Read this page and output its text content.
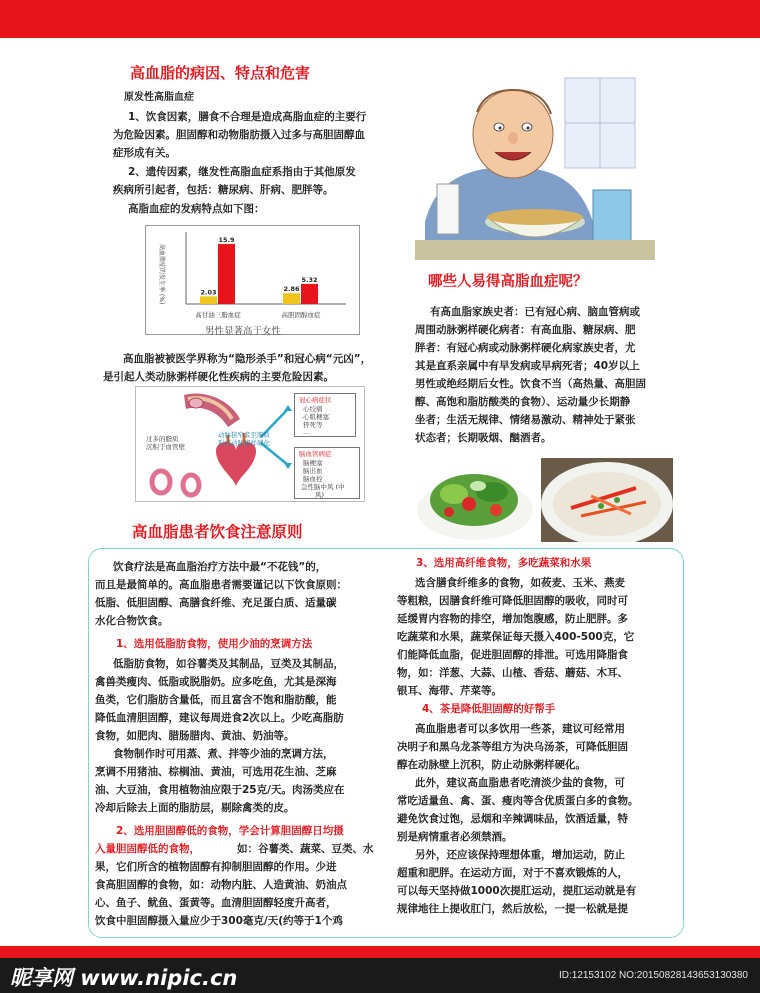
高血脂的病因、特点和危害
原发性高脂血症
1、饮食因素，膳食不合理是造成高脂血症的主要行
为危险因素。胆固醇和动物脂肪摄入过多与高胆固醇血
症形成有关。
2、遗传因素，继发性高脂血症系指由于其他原发
疾病所引起者，包括：糖尿病、肝病、肥胖等。
高脂血症的发病特点如下图：
高血脂症的发生率 (%)	2.03
15.9
2.86
5.32
高甘油三脂血症	高胆固醇血症
男性显著高于女性
高血脂被被医学界称为“隐形杀手”和冠心病“元凶”，
是引起人类动脉粥样硬化性疾病的主要危险因素。
过多的脂质
沉积于血管壁
动脉狭窄者至脂质
形成动脉粥样硬化
冠心病症状
心绞痛
心肌梗塞
猝死等
...
脑血管病症
脑梗塞
脑出血
脑血栓
急性脑中风 (中
风)
哪些人易得高脂血症呢？
有高血脂家族史者：已有冠心病、脑血管病或
周围动脉粥样硬化病者：有高血脂、糖尿病、肥
胖者：有冠心病或动脉粥样硬化病家族史者，尤
其是直系亲属中有早发病或早病死者；40岁以上
男性或绝经期后女性。饮食不当（高热量、高胆固
醇、高饱和脂肪酸类的食物）、运动量少长期静
坐者；生活无规律、情绪易激动、精神处于紧张
状态者；长期吸烟、酗酒者。
高血脂患者饮食注意原则
饮食疗法是高血脂治疗方法中最“不花钱”的，
而且是最简单的。高血脂患者需要谨记以下饮食原则：
低脂、低胆固醇、高膳食纤维、充足蛋白质、适量碳
水化合物饮食。
1、选用低脂肪食物，使用少油的烹调方法
低脂肪食物，如谷薯类及其制品，豆类及其制品，
禽兽类瘦肉、低脂或脱脂奶。应多吃鱼，尤其是深海
鱼类，它们脂肪含量低，而且富含不饱和脂肪酸，能
降低血清胆固醇，建议每周进食2次以上。少吃高脂肪
食物，如肥肉、腊肠腊肉、黄油、奶油等。
食物制作时可用蒸、煮、拌等少油的烹调方法，
烹调不用猪油、棕榈油、黄油，可选用花生油、芝麻
油、大豆油，食用植物油应限于25克/天。肉汤类应在
冷却后除去上面的脂肪层，剔除禽类的皮。
2、选用胆固醇低的食物，学会计算胆固醇日均摄
入量胆固醇低的食物，	如：谷薯类、蔬菜、豆类、水
果，它们所含的植物固醇有抑制胆固醇的作用。少进
食高胆固醇的食物，如：动物内脏、人造黄油、奶油点
心、鱼子、鱿鱼、蛋黄等。血清胆固醇轻度升高者，
饮食中胆固醇摄入量应少于300毫克/天(约等于1个鸡
3、选用高纤维食物，多吃蔬菜和水果
选含膳食纤维多的食物，如莜麦、玉米、燕麦
等粗粮，因膳食纤维可降低胆固醇的吸收，同时可
延缓胃内容物的排空，增加饱腹感，防止肥胖。多
吃蔬菜和水果，蔬菜保证每天摄入400-500克，它
们能降低血脂，促进胆固醇的排泄。可选用降脂食
物，如：洋葱、大蒜、山楂、香菇、蘑菇、木耳、
银耳、海带、芹菜等。
4、茶是降低胆固醇的好帮手
高血脂患者可以多饮用一些茶，建议可经常用
决明子和黑乌龙茶等组方为决乌汤茶，可降低胆固
醇在动脉壁上沉积，防止动脉粥样硬化。
此外，建议高血脂患者吃清淡少盐的食物，可
常吃适量鱼、禽、蛋、瘦肉等含优质蛋白多的食物。
避免饮食过饱，忌烟和辛辣调味品，饮酒适量，特
别是病情重者必须禁酒。
另外，还应该保持理想体重，增加运动，防止
超重和肥胖。在运动方面，对于不喜欢锻炼的人，
可以每天坚持做1000次提肛运动，提肛运动就是有
规律地往上提收肛门，然后放松，一提一松就是提
昵享网 www.nipic.cn	ID:12153102 NO:20150828143653130380
